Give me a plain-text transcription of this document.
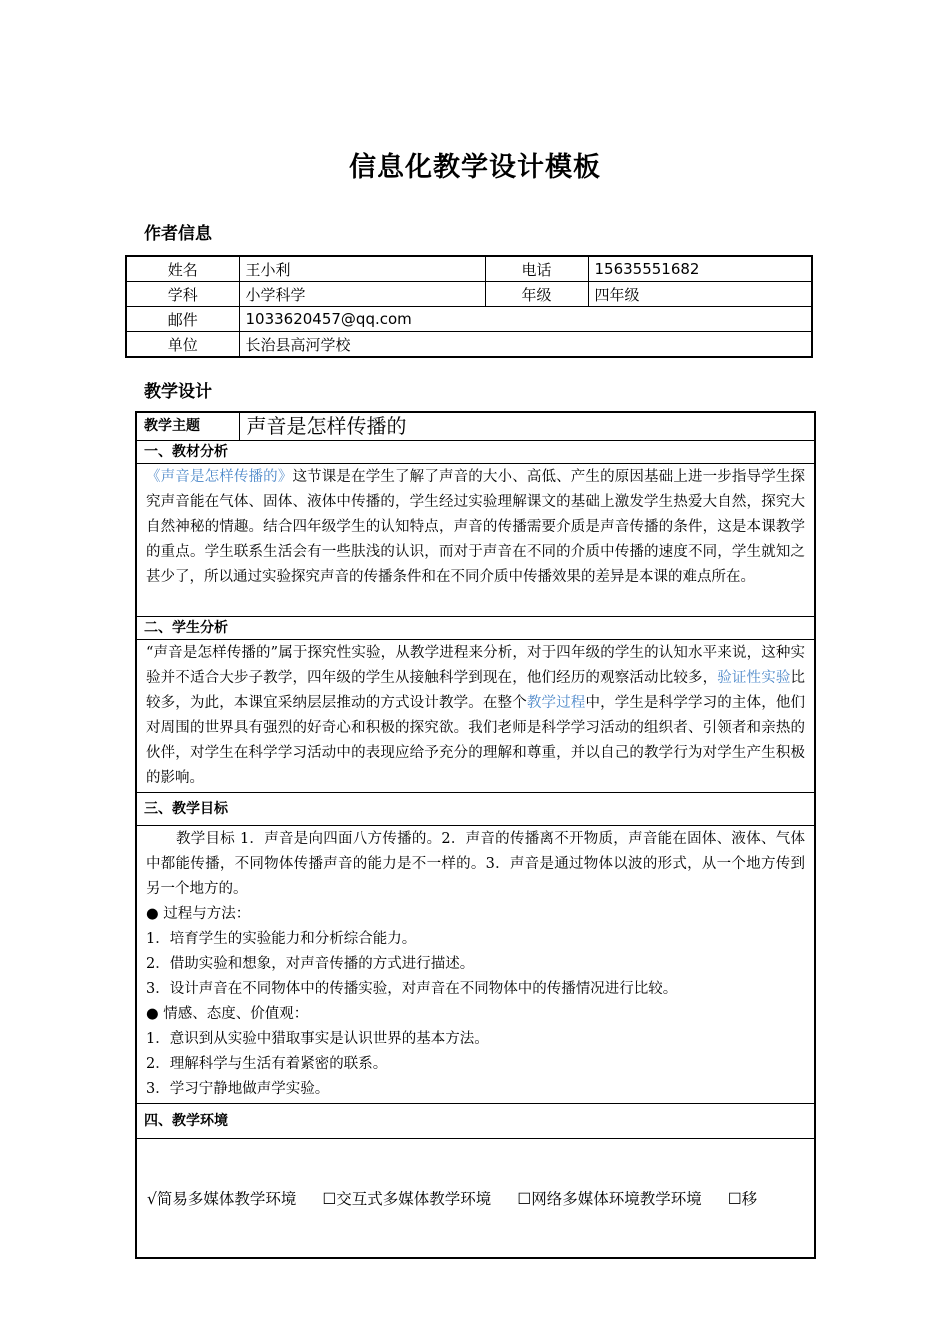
信息化教学设计模板
作者信息
姓名	王小利	电话	15635551682
学科	小学科学	年级	四年级
邮件	1033620457@qq.com		
单位	长治县高河学校		
教学设计
教学主题	声音是怎样传播的
一、教材分析
《声音是怎样传播的》这节课是在学生了解了声音的大小、高低、产生的原因基础上进一步指导学生探究声音能在气体、固体、液体中传播的，学生经过实验理解课文的基础上激发学生热爱大自然，探究大自然神秘的情趣。结合四年级学生的认知特点，声音的传播需要介质是声音传播的条件，这是本课教学的重点。学生联系生活会有一些肤浅的认识，而对于声音在不同的介质中传播的速度不同，学生就知之甚少了，所以通过实验探究声音的传播条件和在不同介质中传播效果的差异是本课的难点所在。
二、学生分析
“声音是怎样传播的”属于探究性实验，从教学进程来分析，对于四年级的学生的认知水平来说，这种实验并不适合大步子教学，四年级的学生从接触科学到现在，他们经历的观察活动比较多，验证性实验比较多，为此，本课宜采纳层层推动的方式设计教学。在整个教学过程中，学生是科学学习的主体，他们对周围的世界具有强烈的好奇心和积极的探究欲。我们老师是科学学习活动的组织者、引领者和亲热的伙伴，对学生在科学学习活动中的表现应给予充分的理解和尊重，并以自己的教学行为对学生产生积极的影响。
三、教学目标

教学目标 1．声音是向四面八方传播的。2．声音的传播离不开物质，声音能在固体、液体、气体中都能传播，不同物体传播声音的能力是不一样的。3．声音是通过物体以波的形式，从一个地方传到另一个地方的。
● 过程与方法：
1．培育学生的实验能力和分析综合能力。
2．借助实验和想象，对声音传播的方式进行描述。
3．设计声音在不同物体中的传播实验，对声音在不同物体中的传播情况进行比较。
● 情感、态度、价值观：
1．意识到从实验中猎取事实是认识世界的基本方法。
2．理解科学与生活有着紧密的联系。
3．学习宁静地做声学实验。

四、教学环境
√简易多媒体教学环境 ☐交互式多媒体教学环境 ☐网络多媒体环境教学环境 ☐移
